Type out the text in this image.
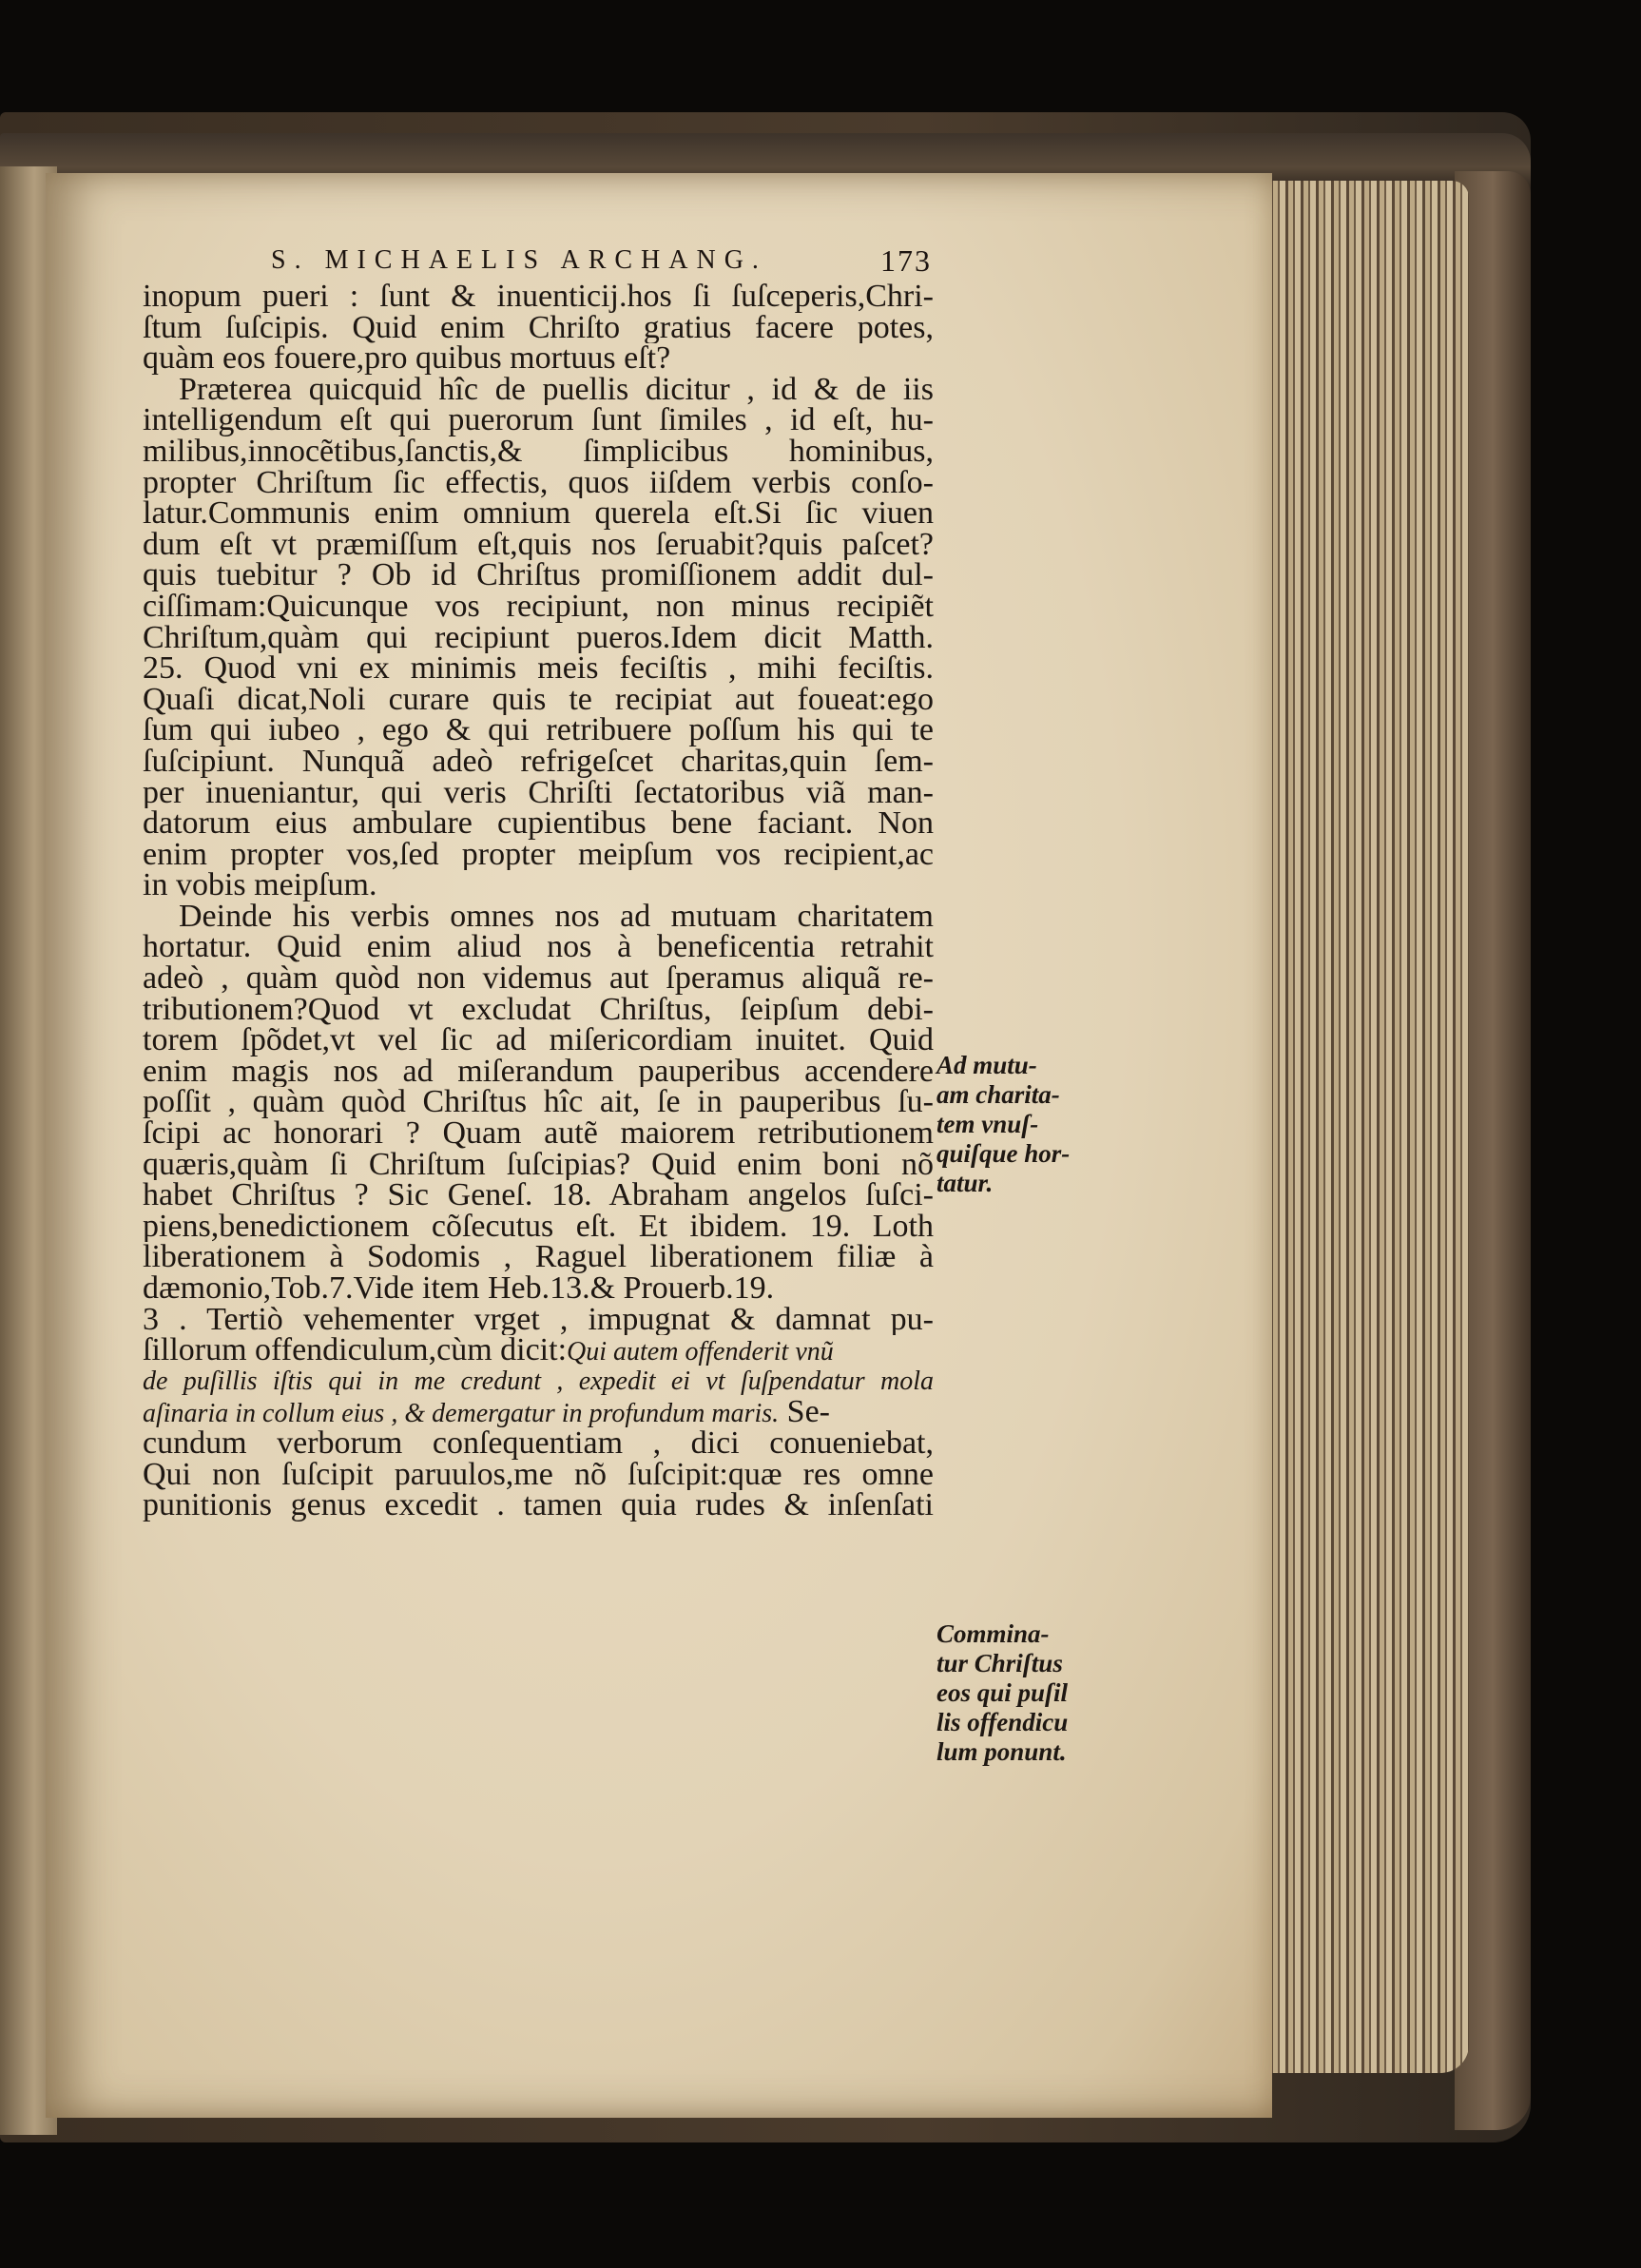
S. MICHAELIS ARCHANG.	173
inopum pueri : ſunt & inuenticij.hos ſi ſuſceperis,Chri-
ſtum ſuſcipis. Quid enim Chriſto gratius facere potes,
quàm eos fouere,pro quibus mortuus eſt?
Præterea quicquid hîc de puellis dicitur , id & de iis
intelligendum eſt qui puerorum ſunt ſimiles , id eſt, hu-
milibus,innocẽtibus,ſanctis,& ſimplicibus hominibus,
propter Chriſtum ſic effectis, quos iiſdem verbis conſo-
latur.Communis enim omnium querela eſt.Si ſic viuen
dum eſt vt præmiſſum eſt,quis nos ſeruabit?quis paſcet?
quis tuebitur ? Ob id Chriſtus promiſſionem addit dul-
ciſſimam:Quicunque vos recipiunt, non minus recipiẽt
Chriſtum,quàm qui recipiunt pueros.Idem dicit Matth.
25. Quod vni ex minimis meis feciſtis , mihi feciſtis.
Quaſi dicat,Noli curare quis te recipiat aut foueat:ego
ſum qui iubeo , ego & qui retribuere poſſum his qui te
ſuſcipiunt. Nunquã adeò refrigeſcet charitas,quin ſem-
per inueniantur, qui veris Chriſti ſectatoribus viã man-
datorum eius ambulare cupientibus bene faciant. Non
enim propter vos,ſed propter meipſum vos recipient,ac
in vobis meipſum.
Deinde his verbis omnes nos ad mutuam charitatem
hortatur. Quid enim aliud nos à beneficentia retrahit
adeò , quàm quòd non videmus aut ſperamus aliquã re-
tributionem?Quod vt excludat Chriſtus, ſeipſum debi-
torem ſpõdet,vt vel ſic ad miſericordiam inuitet. Quid
enim magis nos ad miſerandum pauperibus accendere
poſſit , quàm quòd Chriſtus hîc ait, ſe in pauperibus ſu-
ſcipi ac honorari ? Quam autẽ maiorem retributionem
quæris,quàm ſi Chriſtum ſuſcipias? Quid enim boni nõ
habet Chriſtus ? Sic Geneſ. 18. Abraham angelos ſuſci-
piens,benedictionem cõſecutus eſt. Et ibidem. 19. Loth
liberationem à Sodomis , Raguel liberationem filiæ à
dæmonio,Tob.7.Vide item Heb.13.& Prouerb.19.
3 . Tertiò vehementer vrget , impugnat & damnat pu-
ſillorum offendiculum,cùm dicit:Qui autem offenderit vnũ
de puſillis iſtis qui in me credunt , expedit ei vt ſuſpendatur mola
aſinaria in collum eius , & demergatur in profundum maris. Se-
cundum verborum conſequentiam , dici conueniebat,
Qui non ſuſcipit paruulos,me nõ ſuſcipit:quæ res omne
punitionis genus excedit . tamen quia rudes & inſenſati
Ad mutu-
am charita-
tem vnuſ-
quiſque hor-
tatur.
Commina-
tur Chriſtus
eos qui puſil
lis offendicu
lum ponunt.
